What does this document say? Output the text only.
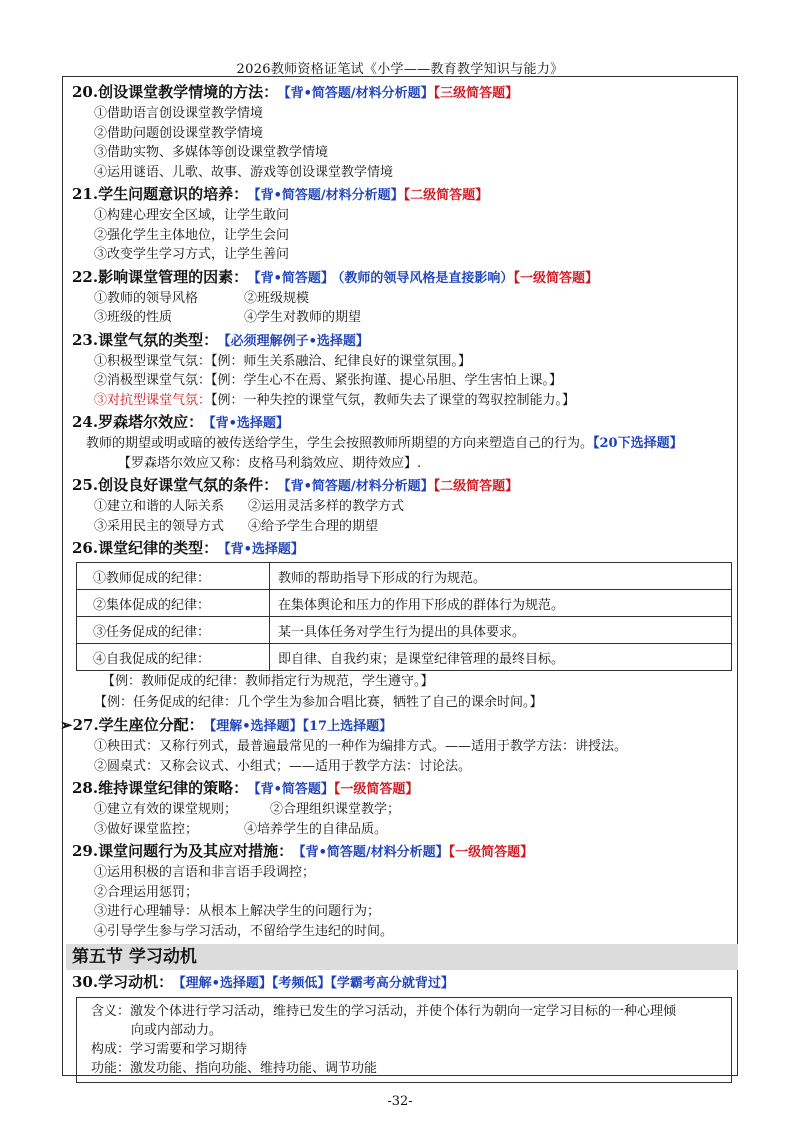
2026教师资格证笔试《小学——教育教学知识与能力》
20.创设课堂教学情境的方法： 【背•简答题/材料分析题】【三级简答题】
①借助语言创设课堂教学情境
②借助问题创设课堂教学情境
③借助实物、多媒体等创设课堂教学情境
④运用谜语、儿歌、故事、游戏等创设课堂教学情境
21.学生问题意识的培养： 【背•简答题/材料分析题】【二级简答题】
①构建心理安全区域，让学生敢问
②强化学生主体地位，让学生会问
③改变学生学习方式，让学生善问
22.影响课堂管理的因素： 【背•简答题】 （教师的领导风格是直接影响）【一级简答题】
①教师的领导风格	②班级规模
③班级的性质	④学生对教师的期望
23.课堂气氛的类型： 【必须理解例子•选择题】
①积极型课堂气氛：【例：师生关系融洽、纪律良好的课堂氛围。】
②消极型课堂气氛：【例：学生心不在焉、紧张拘谨、提心吊胆、学生害怕上课。】
③对抗型课堂气氛：【例：一种失控的课堂气氛，教师失去了课堂的驾驭控制能力。】
24.罗森塔尔效应： 【背•选择题】
教师的期望或明或暗的被传送给学生，学生会按照教师所期望的方向来塑造自己的行为。【20下选择题】
【罗森塔尔效应又称：皮格马利翁效应、期待效应】.
25.创设良好课堂气氛的条件： 【背•简答题/材料分析题】【二级简答题】
①建立和谐的人际关系 ②运用灵活多样的教学方式
③采用民主的领导方式 ④给予学生合理的期望
26.课堂纪律的类型： 【背•选择题】
①教师促成的纪律：	教师的帮助指导下形成的行为规范。
②集体促成的纪律：	在集体舆论和压力的作用下形成的群体行为规范。
③任务促成的纪律：	某一具体任务对学生行为提出的具体要求。
④自我促成的纪律：	即自律、自我约束；是课堂纪律管理的最终目标。
【例：教师促成的纪律：教师指定行为规范，学生遵守。】
【例：任务促成的纪律：几个学生为参加合唱比赛，牺牲了自己的课余时间。】
➢27.学生座位分配： 【理解•选择题】【17上选择题】
①秧田式：又称行列式，最普遍最常见的一种作为编排方式。——适用于教学方法：讲授法。
②圆桌式：又称会议式、小组式；——适用于教学方法：讨论法。
28.维持课堂纪律的策略： 【背•简答题】【一级简答题】
①建立有效的课堂规则；	②合理组织课堂教学；
③做好课堂监控；	④培养学生的自律品质。
29.课堂问题行为及其应对措施： 【背•简答题/材料分析题】【一级简答题】
①运用积极的言语和非言语手段调控；
②合理运用惩罚；
③进行心理辅导：从根本上解决学生的问题行为；
④引导学生参与学习活动，不留给学生违纪的时间。
第五节 学习动机
30.学习动机： 【理解•选择题】【考频低】【学霸考高分就背过】
含义：激发个体进行学习活动，维持已发生的学习活动，并使个体行为朝向一定学习目标的一种心理倾
向或内部动力。
构成：学习需要和学习期待
功能：激发功能、指向功能、维持功能、调节功能
-32-
